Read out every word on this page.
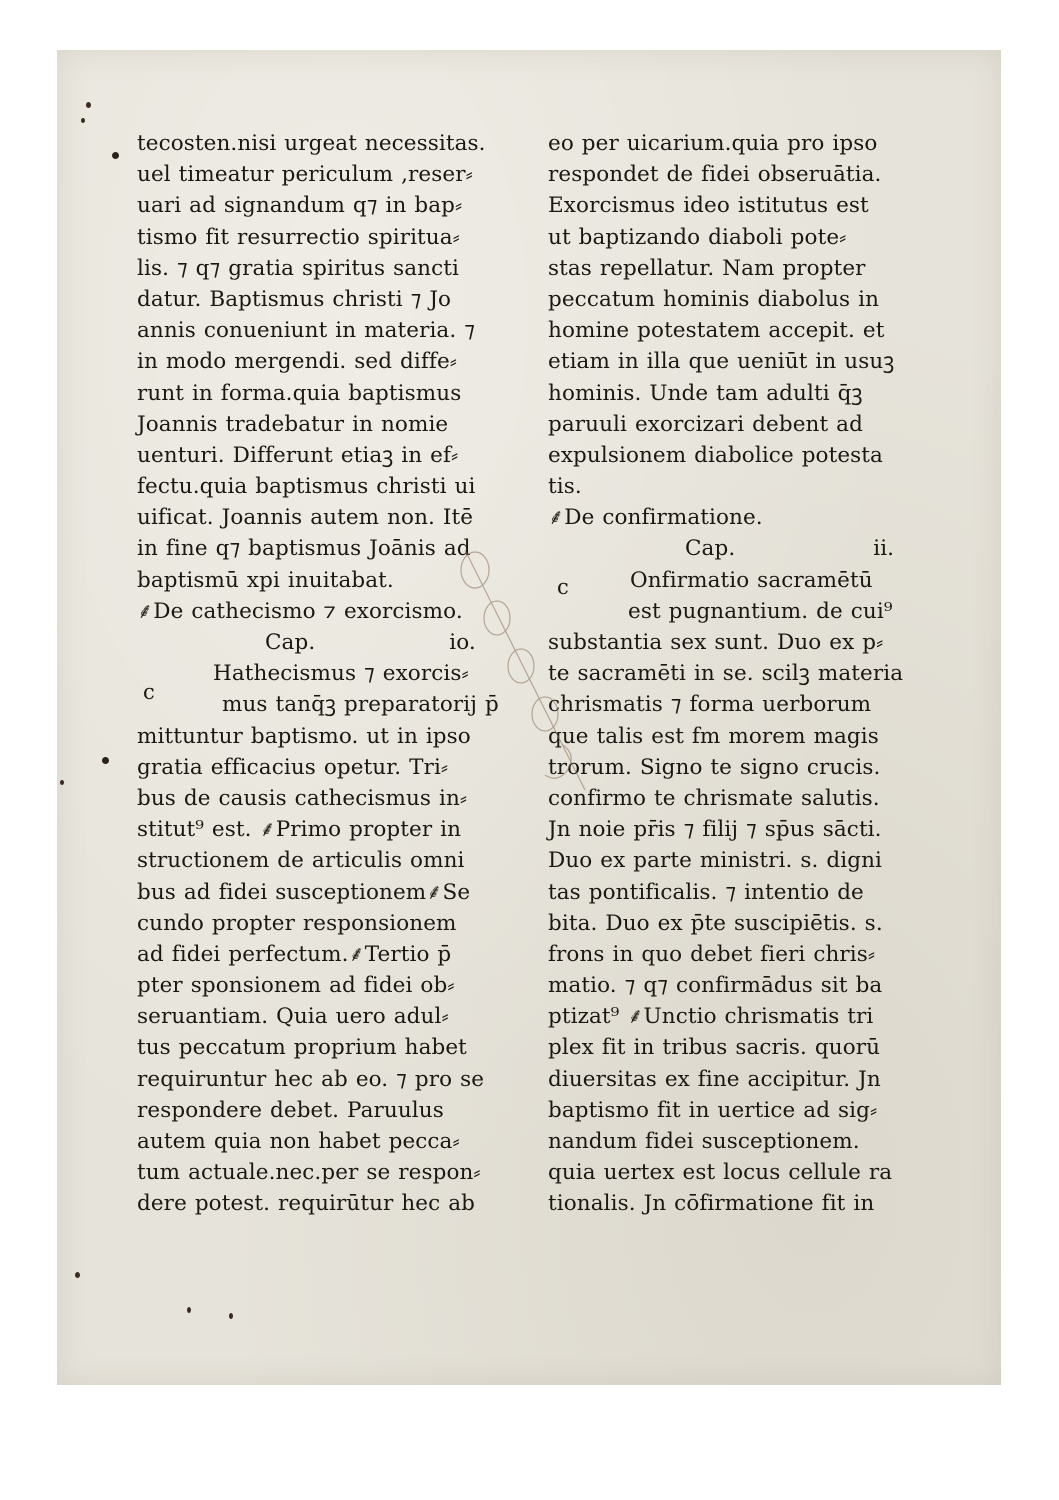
tecosten.nisi urgeat necessitas.
uel timeatur periculum ,reser⸗
uari ad signandum q⁊ in bap⸗
tismo fit resurrectio spiritua⸗
lis. ⁊ q⁊ gratia spiritus sancti
datur. Baptismus christi ⁊ Jo
annis conueniunt in materia. ⁊
in modo mergendi. sed diffe⸗
runt in forma.quia baptismus
Joannis tradebatur in nomie
uenturi. Differunt etiaꝫ in ef⸗
fectu.quia baptismus christi ui
uificat. Joannis autem non. Itē
in fine q⁊ baptismus Joānis ad
baptismū xpi inuitabat.
⸙De cathecismo ⁊ exorcismo.
Cap.	io.
Hathecismus ⁊ exorcis⸗
mus tanq̄ꝫ preparatorij p̄
mittuntur baptismo. ut in ipso
gratia efficacius opetur. Tri⸗
bus de causis cathecismus in⸗
stitut⁹ est. ⸙Primo propter in
structionem de articulis omni
bus ad fidei susceptionem⸙Se
cundo propter responsionem
ad fidei perfectum.⸙Tertio p̄
pter sponsionem ad fidei ob⸗
seruantiam. Quia uero adul⸗
tus peccatum proprium habet
requiruntur hec ab eo. ⁊ pro se
respondere debet. Paruulus
autem quia non habet pecca⸗
tum actuale.nec.per se respon⸗
dere potest. requirūtur hec ab
eo per uicarium.quia pro ipso
respondet de fidei obseruātia.
Exorcismus ideo istitutus est
ut baptizando diaboli pote⸗
stas repellatur. Nam propter
peccatum hominis diabolus in
homine potestatem accepit. et
etiam in illa que ueniūt in usuꝫ
hominis. Unde tam adulti q̄ꝫ
paruuli exorcizari debent ad
expulsionem diabolice potesta
tis.
⸙De confirmatione.
Cap.	ii.
Onfirmatio sacramētū
est pugnantium. de cui⁹
substantia sex sunt. Duo ex p⸗
te sacramēti in se. scilꝫ materia
chrismatis ⁊ forma uerborum
que talis est fm morem magis
trorum. Signo te signo crucis.
confirmo te chrismate salutis.
Jn noie pr̄is ⁊ filij ⁊ sp̄us sācti.
Duo ex parte ministri. s. digni
tas pontificalis. ⁊ intentio de
bita. Duo ex p̄te suscipiētis. s.
frons in quo debet fieri chris⸗
matio. ⁊ q⁊ confirmādus sit ba
ptizat⁹ ⸙Unctio chrismatis tri
plex fit in tribus sacris. quorū
diuersitas ex fine accipitur. Jn
baptismo fit in uertice ad sig⸗
nandum fidei susceptionem.
quia uertex est locus cellule ra
tionalis. Jn cōfirmatione fit in
c
c
